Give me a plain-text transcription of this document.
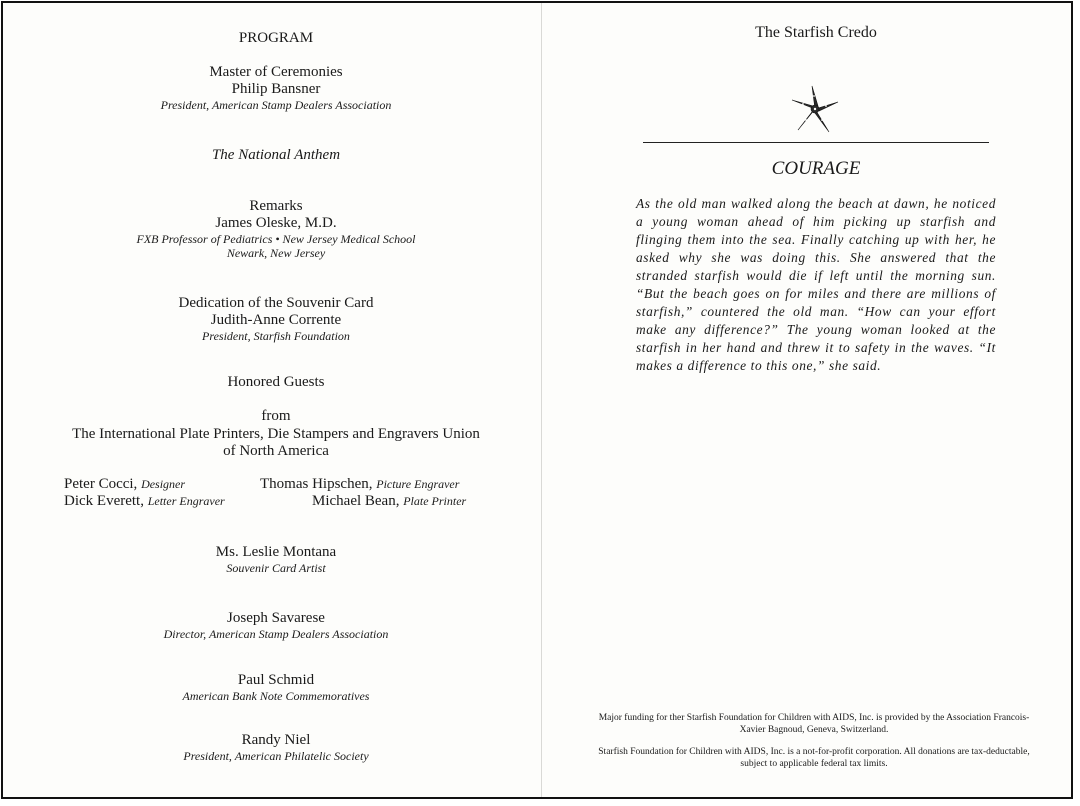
PROGRAM
Master of Ceremonies
Philip Bansner
President, American Stamp Dealers Association
The National Anthem
Remarks
James Oleske, M.D.
FXB Professor of Pediatrics • New Jersey Medical School
Newark, New Jersey
Dedication of the Souvenir Card
Judith-Anne Corrente
President, Starfish Foundation
Honored Guests
from
The International Plate Printers, Die Stampers and Engravers Union
of North America
Peter Cocci, Designer	Thomas Hipschen, Picture Engraver
Dick Everett, Letter Engraver	Michael Bean, Plate Printer
Ms. Leslie Montana
Souvenir Card Artist
Joseph Savarese
Director, American Stamp Dealers Association
Paul Schmid
American Bank Note Commemoratives
Randy Niel
President, American Philatelic Society
The Starfish Credo
COURAGE
As the old man walked along the beach at dawn, he noticed a young woman ahead of him picking up starfish and flinging them into the sea. Finally catching up with her, he asked why she was doing this. She answered that the stranded starfish would die if left until the morning sun. “But the beach goes on for miles and there are millions of starfish,” countered the old man. “How can your effort make any difference?” The young woman looked at the starfish in her hand and threw it to safety in the waves. “It makes a difference to this one,” she said.
Major funding for ther Starfish Foundation for Children with AIDS, Inc. is provided by the Association Francois-Xavier Bagnoud, Geneva, Switzerland.
Starfish Foundation for Children with AIDS, Inc. is a not-for-profit corporation. All donations are tax-deductable, subject to applicable federal tax limits.
